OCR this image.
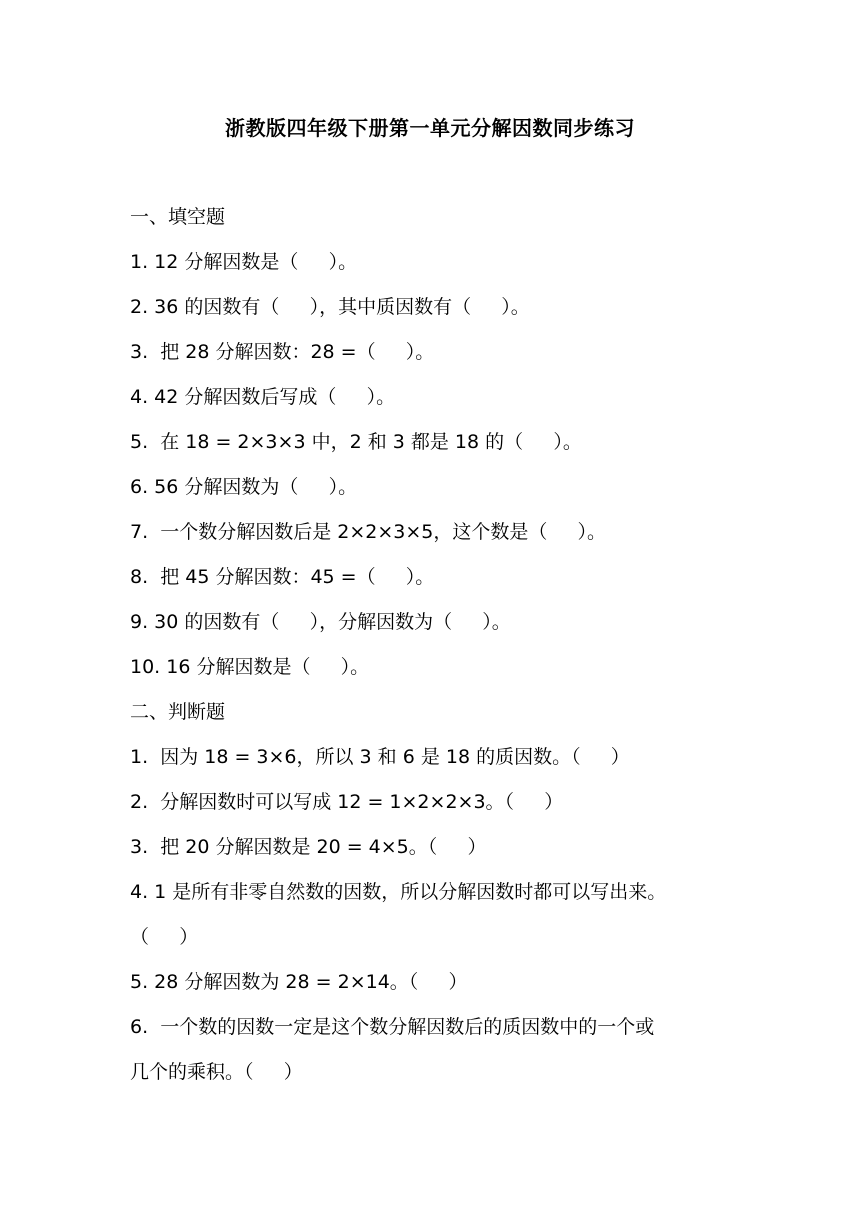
浙教版四年级下册第一单元分解因数同步练习
一、填空题
1. 12 分解因数是（     ）。
2. 36 的因数有（     ），其中质因数有（     ）。
3.  把 28 分解因数：28 =（     ）。
4. 42 分解因数后写成（     ）。
5.  在 18 = 2×3×3 中，2 和 3 都是 18 的（     ）。
6. 56 分解因数为（     ）。
7.  一个数分解因数后是 2×2×3×5，这个数是（     ）。
8.  把 45 分解因数：45 =（     ）。
9. 30 的因数有（     ），分解因数为（     ）。
10. 16 分解因数是（     ）。
二、判断题
1.  因为 18 = 3×6，所以 3 和 6 是 18 的质因数。（     ）
2.  分解因数时可以写成 12 = 1×2×2×3。（     ）
3.  把 20 分解因数是 20 = 4×5。（     ）
4. 1 是所有非零自然数的因数，所以分解因数时都可以写出来。
（     ）
5. 28 分解因数为 28 = 2×14。（     ）
6.  一个数的因数一定是这个数分解因数后的质因数中的一个或
几个的乘积。（     ）
